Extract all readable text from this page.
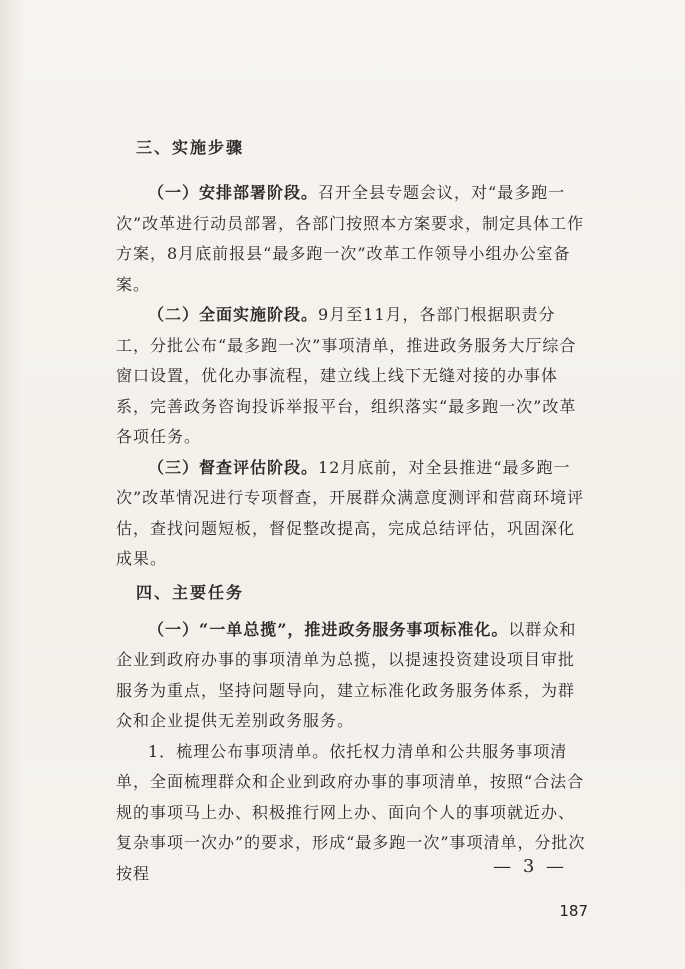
三、实施步骤

（一）安排部署阶段。召开全县专题会议，对“最多跑一次”改革进行动员部署，各部门按照本方案要求，制定具体工作方案，8月底前报县“最多跑一次”改革工作领导小组办公室备案。

（二）全面实施阶段。9月至11月，各部门根据职责分工，分批公布“最多跑一次”事项清单，推进政务服务大厅综合窗口设置，优化办事流程，建立线上线下无缝对接的办事体系，完善政务咨询投诉举报平台，组织落实“最多跑一次”改革各项任务。

（三）督查评估阶段。12月底前，对全县推进“最多跑一次”改革情况进行专项督查，开展群众满意度测评和营商环境评估，查找问题短板，督促整改提高，完成总结评估，巩固深化成果。

四、主要任务

（一）“一单总揽”，推进政务服务事项标准化。以群众和企业到政府办事的事项清单为总揽，以提速投资建设项目审批服务为重点，坚持问题导向，建立标准化政务服务体系，为群众和企业提供无差别政务服务。

1．梳理公布事项清单。依托权力清单和公共服务事项清单，全面梳理群众和企业到政府办事的事项清单，按照“合法合规的事项马上办、积极推行网上办、面向个人的事项就近办、复杂事项一次办”的要求，形成“最多跑一次”事项清单，分批次按程	— 3 —
187
